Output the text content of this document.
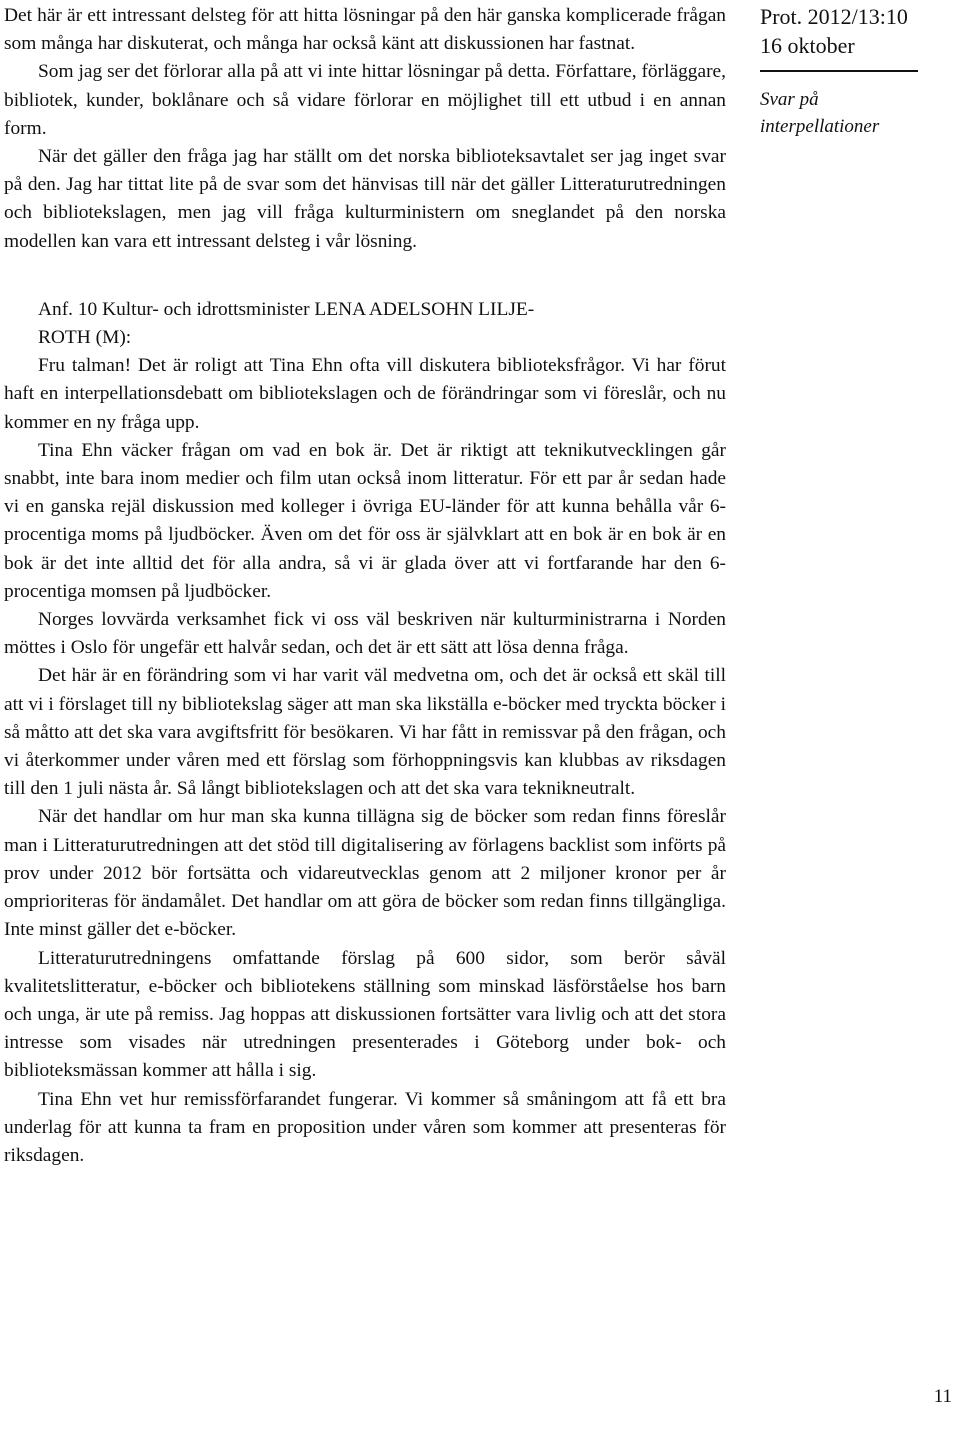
Det här är ett intressant delsteg för att hitta lösningar på den här ganska komplicerade frågan som många har diskuterat, och många har också känt att diskussionen har fastnat.

Som jag ser det förlorar alla på att vi inte hittar lösningar på detta. Författare, förläggare, bibliotek, kunder, boklånare och så vidare förlorar en möjlighet till ett utbud i en annan form.

När det gäller den fråga jag har ställt om det norska biblioteksavtalet ser jag inget svar på den. Jag har tittat lite på de svar som det hänvisas till när det gäller Litteraturutredningen och bibliotekslagen, men jag vill fråga kulturministern om sneglandet på den norska modellen kan vara ett intressant delsteg i vår lösning.

Anf. 10 Kultur- och idrottsminister LENA ADELSOHN LILJE-

ROTH (M):

Fru talman! Det är roligt att Tina Ehn ofta vill diskutera biblioteksfrågor. Vi har förut haft en interpellationsdebatt om bibliotekslagen och de förändringar som vi föreslår, och nu kommer en ny fråga upp.

Tina Ehn väcker frågan om vad en bok är. Det är riktigt att teknikutvecklingen går snabbt, inte bara inom medier och film utan också inom litteratur. För ett par år sedan hade vi en ganska rejäl diskussion med kolleger i övriga EU-länder för att kunna behålla vår 6-procentiga moms på ljudböcker. Även om det för oss är självklart att en bok är en bok är en bok är det inte alltid det för alla andra, så vi är glada över att vi fortfarande har den 6-procentiga momsen på ljudböcker.

Norges lovvärda verksamhet fick vi oss väl beskriven när kulturministrarna i Norden möttes i Oslo för ungefär ett halvår sedan, och det är ett sätt att lösa denna fråga.

Det här är en förändring som vi har varit väl medvetna om, och det är också ett skäl till att vi i förslaget till ny bibliotekslag säger att man ska likställa e-böcker med tryckta böcker i så måtto att det ska vara avgiftsfritt för besökaren. Vi har fått in remissvar på den frågan, och vi återkommer under våren med ett förslag som förhoppningsvis kan klubbas av riksdagen till den 1 juli nästa år. Så långt bibliotekslagen och att det ska vara teknikneutralt.

När det handlar om hur man ska kunna tillägna sig de böcker som redan finns föreslår man i Litteraturutredningen att det stöd till digitalisering av förlagens backlist som införts på prov under 2012 bör fortsätta och vidareutvecklas genom att 2 miljoner kronor per år omprioriteras för ändamålet. Det handlar om att göra de böcker som redan finns tillgängliga. Inte minst gäller det e-böcker.

Litteraturutredningens omfattande förslag på 600 sidor, som berör såväl kvalitetslitteratur, e-böcker och bibliotekens ställning som minskad läsförståelse hos barn och unga, är ute på remiss. Jag hoppas att diskussionen fortsätter vara livlig och att det stora intresse som visades när utredningen presenterades i Göteborg under bok- och biblioteksmässan kommer att hålla i sig.

Tina Ehn vet hur remissförfarandet fungerar. Vi kommer så småningom att få ett bra underlag för att kunna ta fram en proposition under våren som kommer att presenteras för riksdagen.

Prot. 2012/13:10
16 oktober
Svar på
interpellationer
11
